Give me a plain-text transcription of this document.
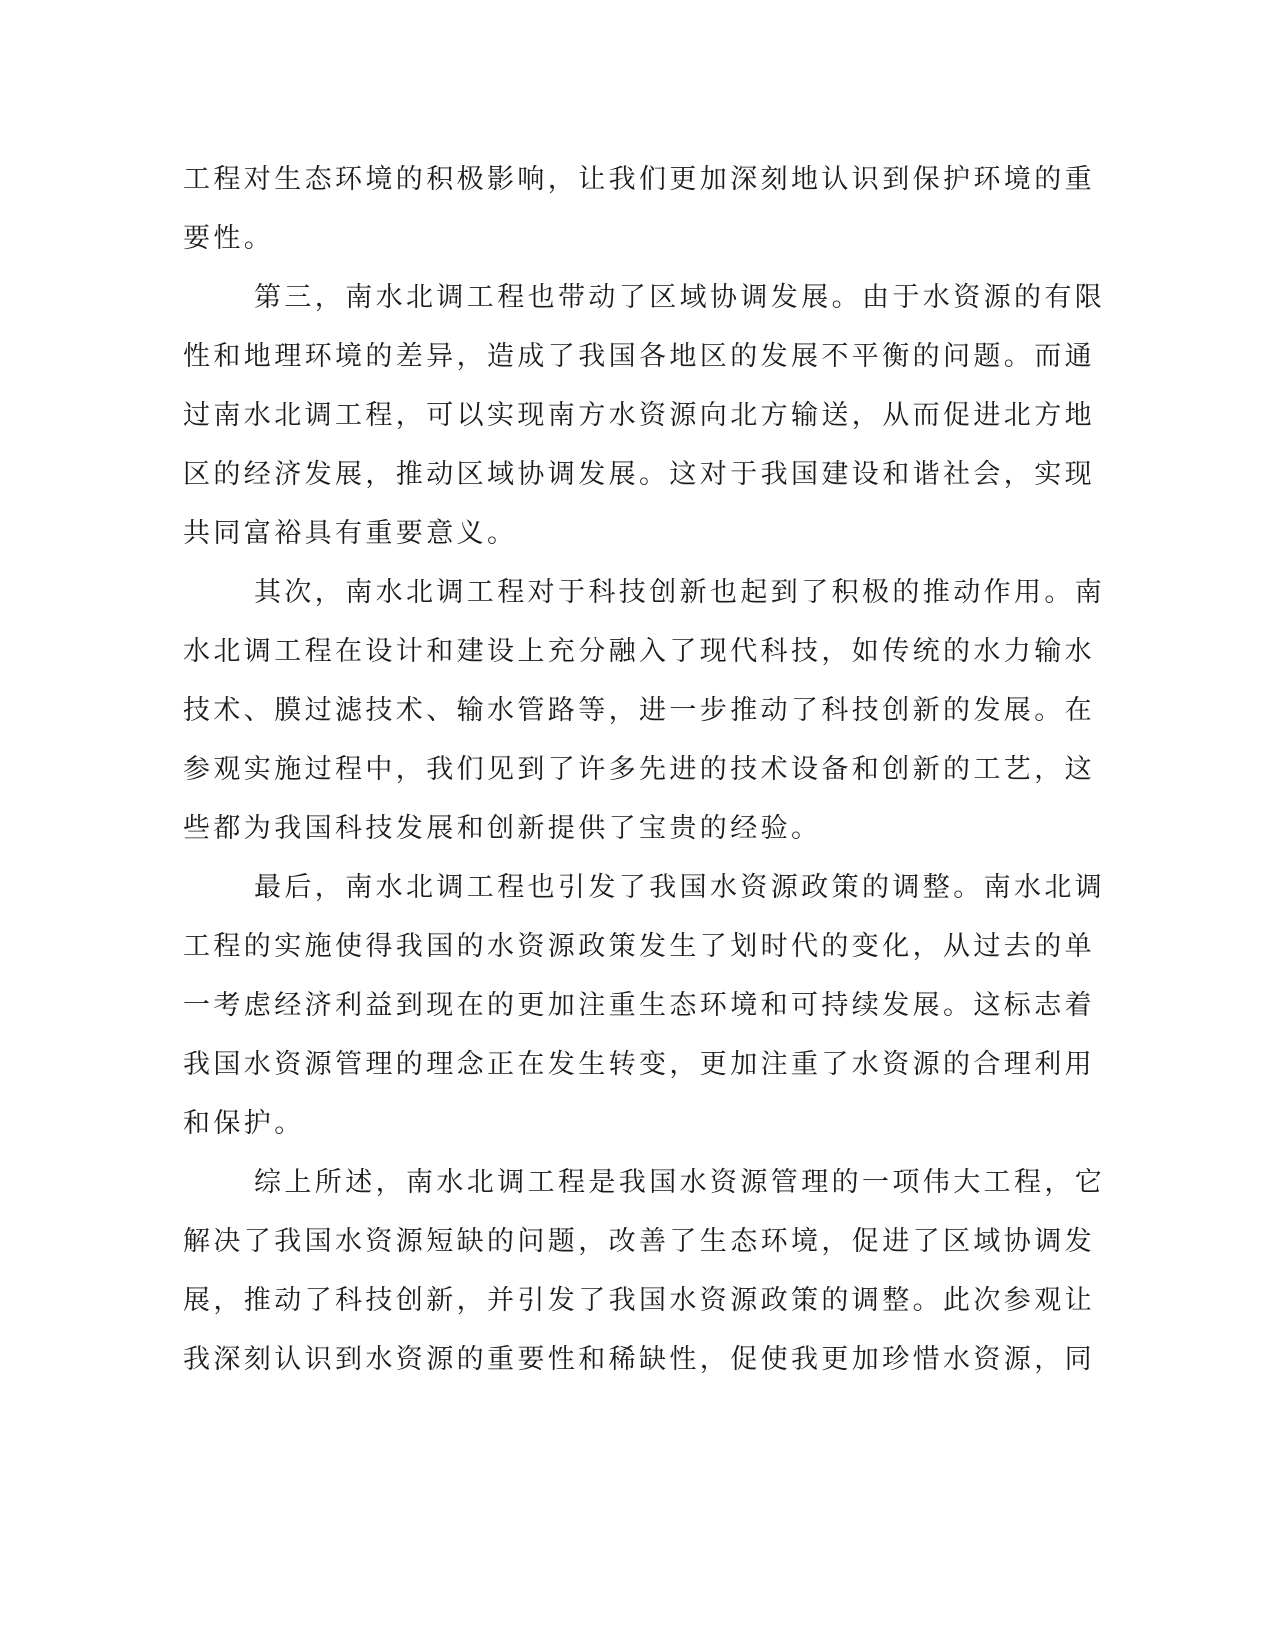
工程对生态环境的积极影响，让我们更加深刻地认识到保护环境的重
要性。
第三，南水北调工程也带动了区域协调发展。由于水资源的有限
性和地理环境的差异，造成了我国各地区的发展不平衡的问题。而通
过南水北调工程，可以实现南方水资源向北方输送，从而促进北方地
区的经济发展，推动区域协调发展。这对于我国建设和谐社会，实现
共同富裕具有重要意义。
其次，南水北调工程对于科技创新也起到了积极的推动作用。南
水北调工程在设计和建设上充分融入了现代科技，如传统的水力输水
技术、膜过滤技术、输水管路等，进一步推动了科技创新的发展。在
参观实施过程中，我们见到了许多先进的技术设备和创新的工艺，这
些都为我国科技发展和创新提供了宝贵的经验。
最后，南水北调工程也引发了我国水资源政策的调整。南水北调
工程的实施使得我国的水资源政策发生了划时代的变化，从过去的单
一考虑经济利益到现在的更加注重生态环境和可持续发展。这标志着
我国水资源管理的理念正在发生转变，更加注重了水资源的合理利用
和保护。
综上所述，南水北调工程是我国水资源管理的一项伟大工程，它
解决了我国水资源短缺的问题，改善了生态环境，促进了区域协调发
展，推动了科技创新，并引发了我国水资源政策的调整。此次参观让
我深刻认识到水资源的重要性和稀缺性，促使我更加珍惜水资源，同
